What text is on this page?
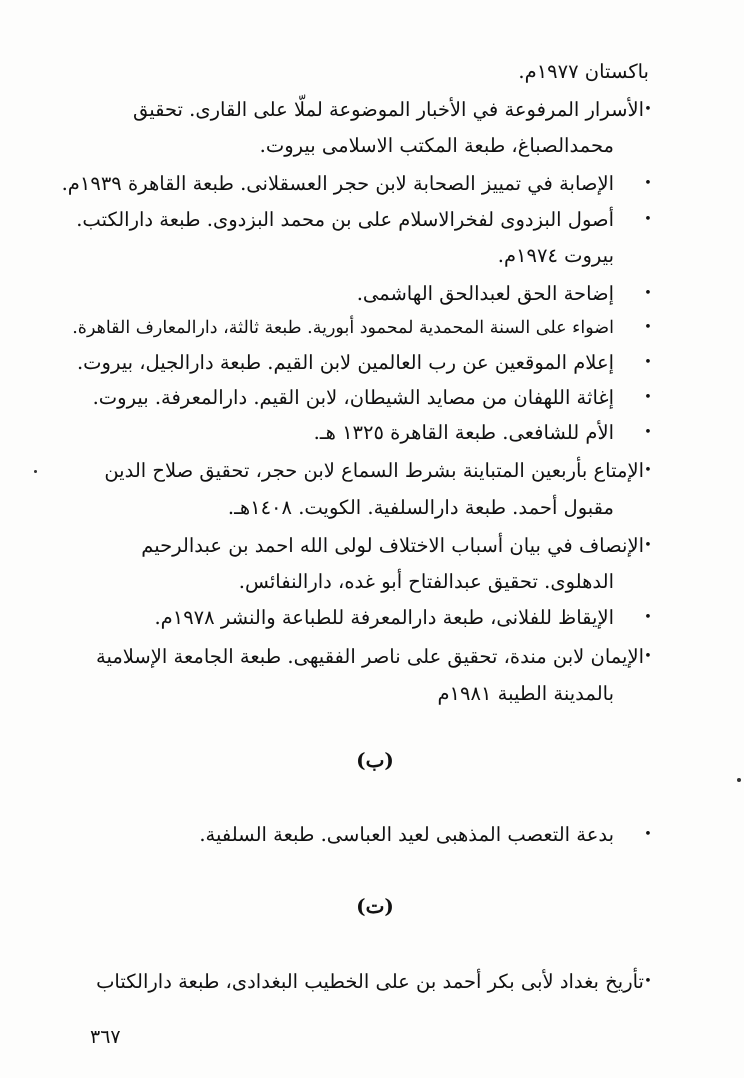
باكستان ١٩٧٧م.
•
الأسرار المرفوعة في الأخبار الموضوعة لملّا على القارى. تحقيق
محمدالصباغ، طبعة المكتب الاسلامى بيروت.
•
الإصابة في تمييز الصحابة لابن حجر العسقلانى. طبعة القاهرة ١٩٣٩م.
•
أصول البزدوى لفخرالاسلام على بن محمد البزدوى. طبعة دارالكتب.
بيروت ١٩٧٤م.
•
إضاحة الحق لعبدالحق الهاشمى.
•
اضواء على السنة المحمدية لمحمود أبورية. طبعة ثالثة، دارالمعارف القاهرة.
•
إعلام الموقعين عن رب العالمين لابن القيم. طبعة دارالجيل، بيروت.
•
إغاثة اللهفان من مصايد الشيطان، لابن القيم. دارالمعرفة. بيروت.
•
الأم للشافعى. طبعة القاهرة ١٣٢٥ هـ.
•
الإمتاع بأربعين المتباينة بشرط السماع لابن حجر، تحقيق صلاح الدين
مقبول أحمد. طبعة دارالسلفية. الكويت. ١٤٠٨هـ.
•
الإنصاف في بيان أسباب الاختلاف لولى الله احمد بن عبدالرحيم
الدهلوى. تحقيق عبدالفتاح أبو غده، دارالنفائس.
•
الإيقاظ للفلانى، طبعة دارالمعرفة للطباعة والنشر ١٩٧٨م.
•
الإيمان لابن مندة، تحقيق على ناصر الفقيهى. طبعة الجامعة الإسلامية
بالمدينة الطيبة ١٩٨١م
(ب)
•
بدعة التعصب المذهبى لعيد العباسى. طبعة السلفية.
(ت)
•
تأريخ بغداد لأبى بكر أحمد بن على الخطيب البغدادى، طبعة دارالكتاب
٣٦٧
